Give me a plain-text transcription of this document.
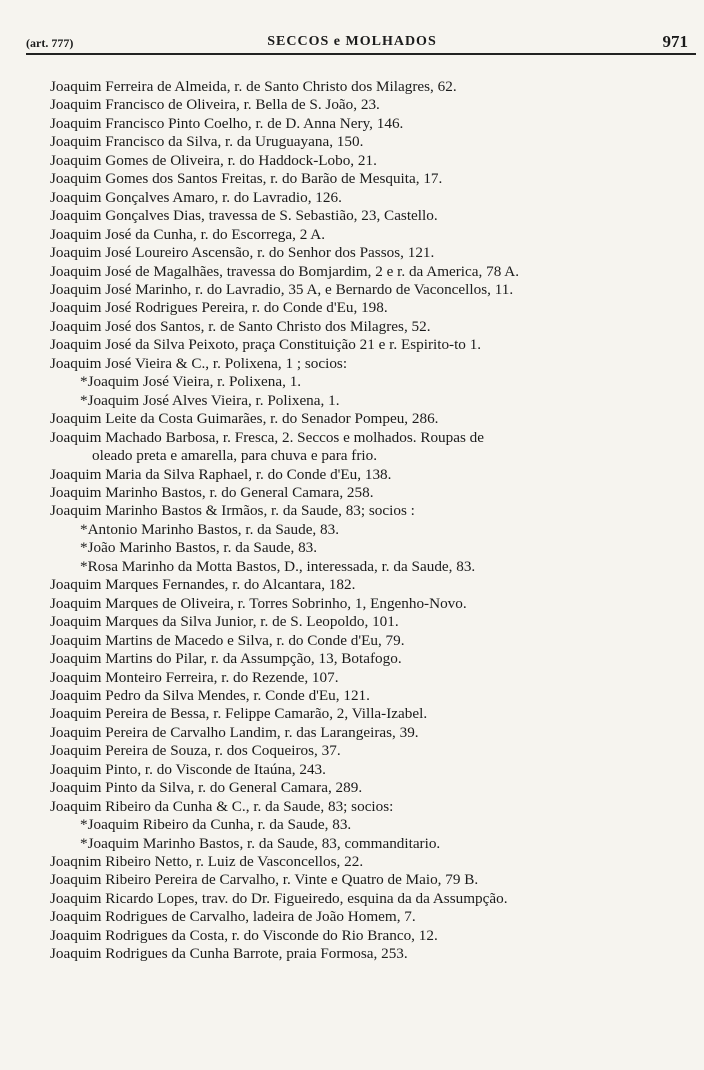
(art. 777)	SECCOS e MOLHADOS	971
Joaquim Ferreira de Almeida, r. de Santo Christo dos Milagres, 62.
Joaquim Francisco de Oliveira, r. Bella de S. João, 23.
Joaquim Francisco Pinto Coelho, r. de D. Anna Nery, 146.
Joaquim Francisco da Silva, r. da Uruguayana, 150.
Joaquim Gomes de Oliveira, r. do Haddock-Lobo, 21.
Joaquim Gomes dos Santos Freitas, r. do Barão de Mesquita, 17.
Joaquim Gonçalves Amaro, r. do Lavradio, 126.
Joaquim Gonçalves Dias, travessa de S. Sebastião, 23, Castello.
Joaquim José da Cunha, r. do Escorrega, 2 A.
Joaquim José Loureiro Ascensão, r. do Senhor dos Passos, 121.
Joaquim José de Magalhães, travessa do Bomjardim, 2 e r. da America, 78 A.
Joaquim José Marinho, r. do Lavradio, 35 A, e Bernardo de Vaconcellos, 11.
Joaquim José Rodrigues Pereira, r. do Conde d'Eu, 198.
Joaquim José dos Santos, r. de Santo Christo dos Milagres, 52.
Joaquim José da Silva Peixoto, praça Constituição 21 e r. Espirito-to 1.
Joaquim José Vieira & C., r. Polixena, 1 ; socios:
*Joaquim José Vieira, r. Polixena, 1.
*Joaquim José Alves Vieira, r. Polixena, 1.
Joaquim Leite da Costa Guimarães, r. do Senador Pompeu, 286.
Joaquim Machado Barbosa, r. Fresca, 2. Seccos e molhados. Roupas de
oleado preta e amarella, para chuva e para frio.
Joaquim Maria da Silva Raphael, r. do Conde d'Eu, 138.
Joaquim Marinho Bastos, r. do General Camara, 258.
Joaquim Marinho Bastos & Irmãos, r. da Saude, 83; socios :
*Antonio Marinho Bastos, r. da Saude, 83.
*João Marinho Bastos, r. da Saude, 83.
*Rosa Marinho da Motta Bastos, D., interessada, r. da Saude, 83.
Joaquim Marques Fernandes, r. do Alcantara, 182.
Joaquim Marques de Oliveira, r. Torres Sobrinho, 1, Engenho-Novo.
Joaquim Marques da Silva Junior, r. de S. Leopoldo, 101.
Joaquim Martins de Macedo e Silva, r. do Conde d'Eu, 79.
Joaquim Martins do Pilar, r. da Assumpção, 13, Botafogo.
Joaquim Monteiro Ferreira, r. do Rezende, 107.
Joaquim Pedro da Silva Mendes, r. Conde d'Eu, 121.
Joaquim Pereira de Bessa, r. Felippe Camarão, 2, Villa-Izabel.
Joaquim Pereira de Carvalho Landim, r. das Larangeiras, 39.
Joaquim Pereira de Souza, r. dos Coqueiros, 37.
Joaquim Pinto, r. do Visconde de Itaúna, 243.
Joaquim Pinto da Silva, r. do General Camara, 289.
Joaquim Ribeiro da Cunha & C., r. da Saude, 83; socios:
*Joaquim Ribeiro da Cunha, r. da Saude, 83.
*Joaquim Marinho Bastos, r. da Saude, 83, commanditario.
Joaqnim Ribeiro Netto, r. Luiz de Vasconcellos, 22.
Joaquim Ribeiro Pereira de Carvalho, r. Vinte e Quatro de Maio, 79 B.
Joaquim Ricardo Lopes, trav. do Dr. Figueiredo, esquina da da Assumpção.
Joaquim Rodrigues de Carvalho, ladeira de João Homem, 7.
Joaquim Rodrigues da Costa, r. do Visconde do Rio Branco, 12.
Joaquim Rodrigues da Cunha Barrote, praia Formosa, 253.
